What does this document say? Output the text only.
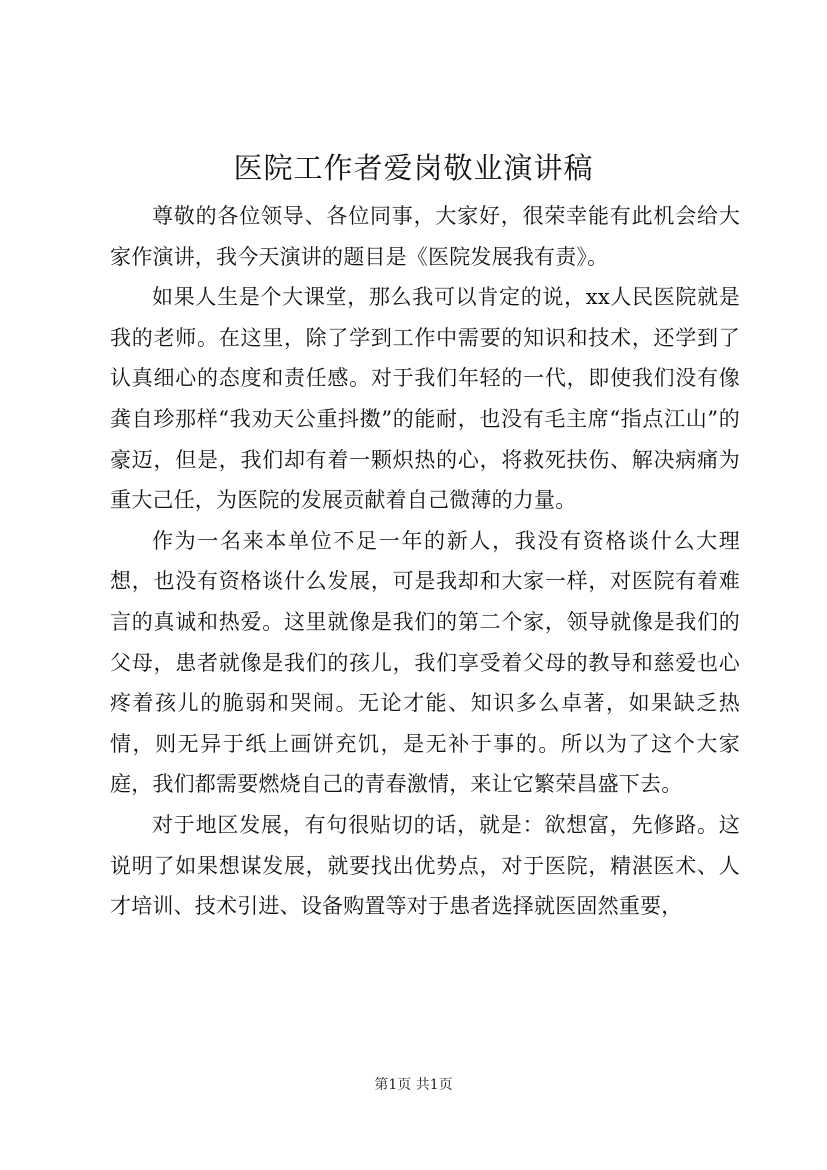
医院工作者爱岗敬业演讲稿

尊敬的各位领导、各位同事，大家好，很荣幸能有此机会给大家作演讲，我今天演讲的题目是《医院发展我有责》。

如果人生是个大课堂，那么我可以肯定的说，xx人民医院就是我的老师。在这里，除了学到工作中需要的知识和技术，还学到了认真细心的态度和责任感。对于我们年轻的一代，即使我们没有像龚自珍那样“我劝天公重抖擞”的能耐，也没有毛主席“指点江山”的豪迈，但是，我们却有着一颗炽热的心，将救死扶伤、解决病痛为重大己任，为医院的发展贡献着自己微薄的力量。

作为一名来本单位不足一年的新人，我没有资格谈什么大理想，也没有资格谈什么发展，可是我却和大家一样，对医院有着难言的真诚和热爱。这里就像是我们的第二个家，领导就像是我们的父母，患者就像是我们的孩儿，我们享受着父母的教导和慈爱也心疼着孩儿的脆弱和哭闹。无论才能、知识多么卓著，如果缺乏热情，则无异于纸上画饼充饥，是无补于事的。所以为了这个大家庭，我们都需要燃烧自己的青春激情，来让它繁荣昌盛下去。

对于地区发展，有句很贴切的话，就是：欲想富，先修路。这说明了如果想谋发展，就要找出优势点，对于医院，精湛医术、人才培训、技术引进、设备购置等对于患者选择就医固然重要，

第1页 共1页
